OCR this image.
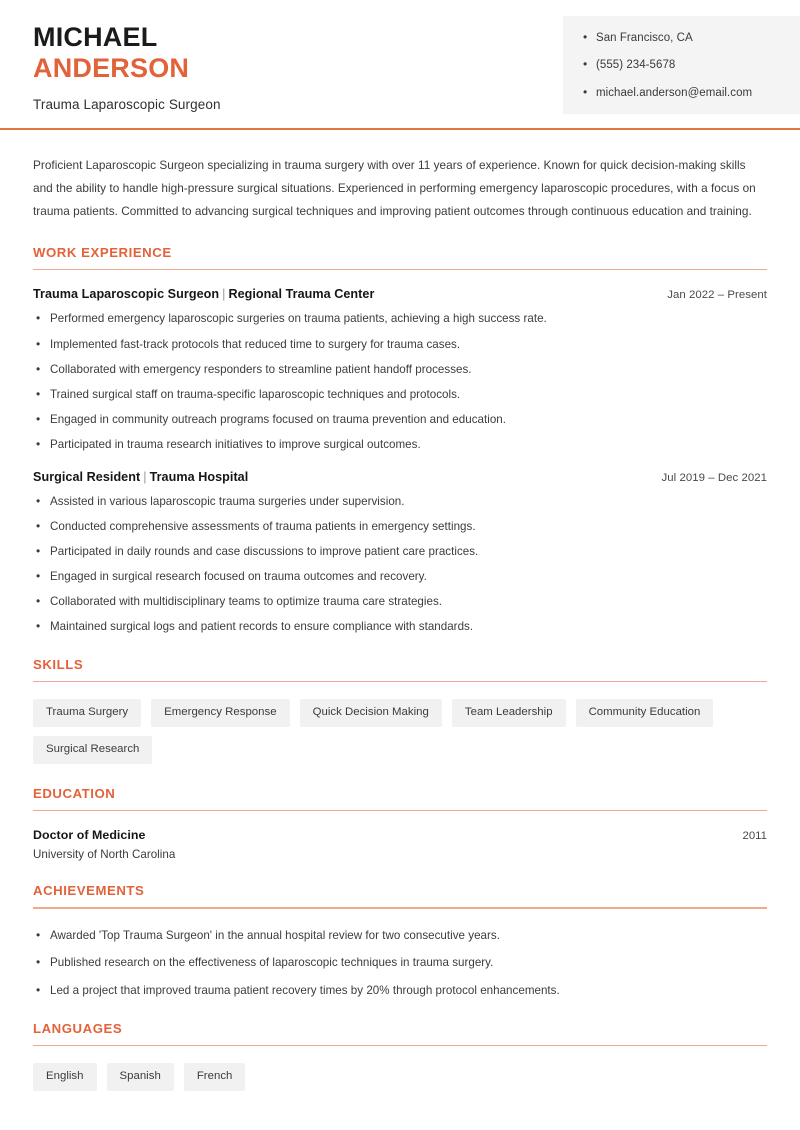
MICHAEL
ANDERSON
Trauma Laparoscopic Surgeon
• San Francisco, CA
• (555) 234-5678
• michael.anderson@email.com
Proficient Laparoscopic Surgeon specializing in trauma surgery with over 11 years of experience. Known for quick decision-making skills and the ability to handle high-pressure surgical situations. Experienced in performing emergency laparoscopic procedures, with a focus on trauma patients. Committed to advancing surgical techniques and improving patient outcomes through continuous education and training.
WORK EXPERIENCE
Trauma Laparoscopic Surgeon | Regional Trauma Center	Jan 2022 – Present
• Performed emergency laparoscopic surgeries on trauma patients, achieving a high success rate.
• Implemented fast-track protocols that reduced time to surgery for trauma cases.
• Collaborated with emergency responders to streamline patient handoff processes.
• Trained surgical staff on trauma-specific laparoscopic techniques and protocols.
• Engaged in community outreach programs focused on trauma prevention and education.
• Participated in trauma research initiatives to improve surgical outcomes.
Surgical Resident | Trauma Hospital	Jul 2019 – Dec 2021
• Assisted in various laparoscopic trauma surgeries under supervision.
• Conducted comprehensive assessments of trauma patients in emergency settings.
• Participated in daily rounds and case discussions to improve patient care practices.
• Engaged in surgical research focused on trauma outcomes and recovery.
• Collaborated with multidisciplinary teams to optimize trauma care strategies.
• Maintained surgical logs and patient records to ensure compliance with standards.
SKILLS
Trauma Surgery	Emergency Response	Quick Decision Making	Team Leadership	Community Education
Surgical Research
EDUCATION
Doctor of Medicine	2011
University of North Carolina
ACHIEVEMENTS
• Awarded 'Top Trauma Surgeon' in the annual hospital review for two consecutive years.
• Published research on the effectiveness of laparoscopic techniques in trauma surgery.
• Led a project that improved trauma patient recovery times by 20% through protocol enhancements.
LANGUAGES
English	Spanish	French
